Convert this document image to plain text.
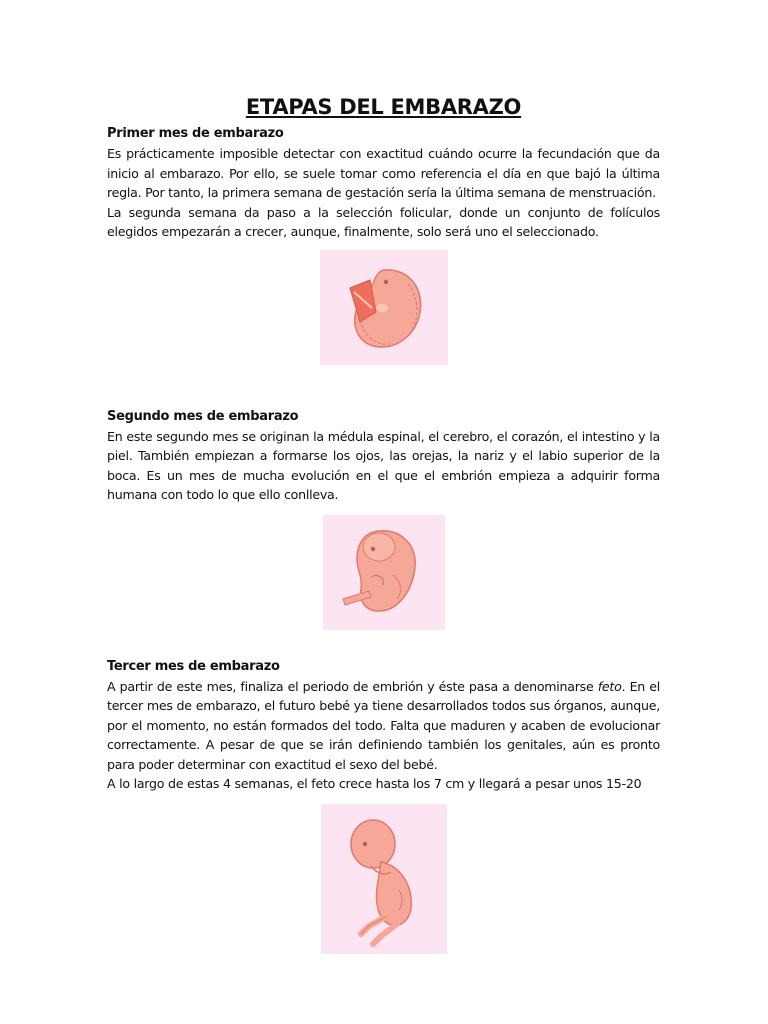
ETAPAS DEL EMBARAZO
Primer mes de embarazo

Es prácticamente imposible detectar con exactitud cuándo ocurre la fecundación que da inicio al embarazo. Por ello, se suele tomar como referencia el día en que bajó la última regla. Por tanto, la primera semana de gestación sería la última semana de menstruación.

La segunda semana da paso a la selección folicular, donde un conjunto de folículos elegidos empezarán a crecer, aunque, finalmente, solo será uno el seleccionado.

Segundo mes de embarazo

En este segundo mes se originan la médula espinal, el cerebro, el corazón, el intestino y la piel. También empiezan a formarse los ojos, las orejas, la nariz y el labio superior de la boca. Es un mes de mucha evolución en el que el embrión empieza a adquirir forma humana con todo lo que ello conlleva.

Tercer mes de embarazo

A partir de este mes, finaliza el periodo de embrión y éste pasa a denominarse feto. En el tercer mes de embarazo, el futuro bebé ya tiene desarrollados todos sus órganos, aunque, por el momento, no están formados del todo. Falta que maduren y acaben de evolucionar correctamente. A pesar de que se irán definiendo también los genitales, aún es pronto para poder determinar con exactitud el sexo del bebé.

A lo largo de estas 4 semanas, el feto crece hasta los 7 cm y llegará a pesar unos 15-20
